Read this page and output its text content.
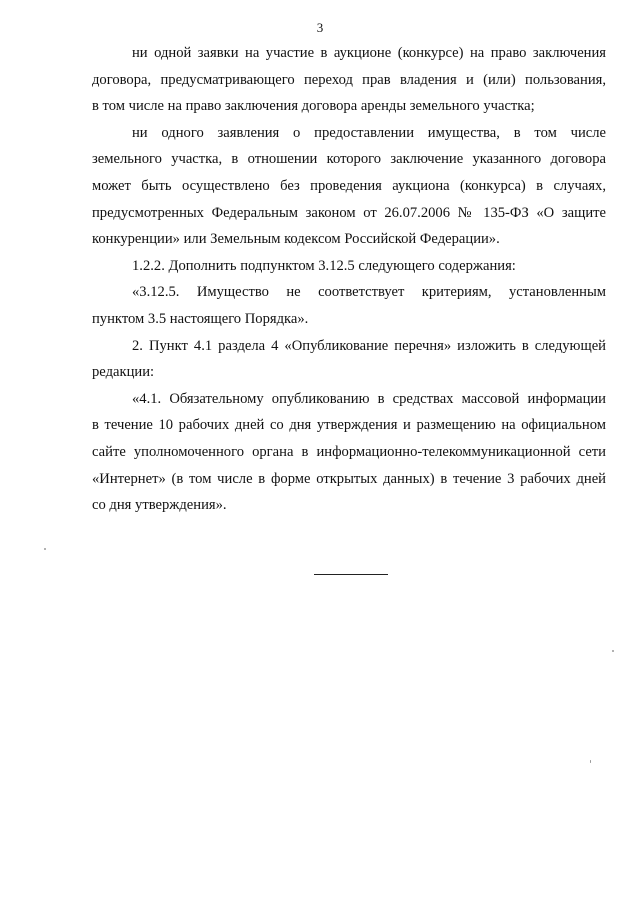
3
ни одной заявки на участие в аукционе (конкурсе) на право заключения
договора, предусматривающего переход прав владения и (или) пользования,
в том числе на право заключения договора аренды земельного участка;
ни одного заявления о предоставлении имущества, в том числе
земельного участка, в отношении которого заключение указанного договора
может быть осуществлено без проведения аукциона (конкурса) в случаях,
предусмотренных Федеральным законом от 26.07.2006 № 135-ФЗ «О защите
конкуренции» или Земельным кодексом Российской Федерации».
1.2.2. Дополнить подпунктом 3.12.5 следующего содержания:
«3.12.5. Имущество не соответствует критериям, установленным
пунктом 3.5 настоящего Порядка».
2. Пункт 4.1 раздела 4 «Опубликование перечня» изложить в следующей
редакции:
«4.1. Обязательному опубликованию в средствах массовой информации
в течение 10 рабочих дней со дня утверждения и размещению на официальном
сайте уполномоченного органа в информационно-телекоммуникационной сети
«Интернет» (в том числе в форме открытых данных) в течение 3 рабочих дней
со дня утверждения».
